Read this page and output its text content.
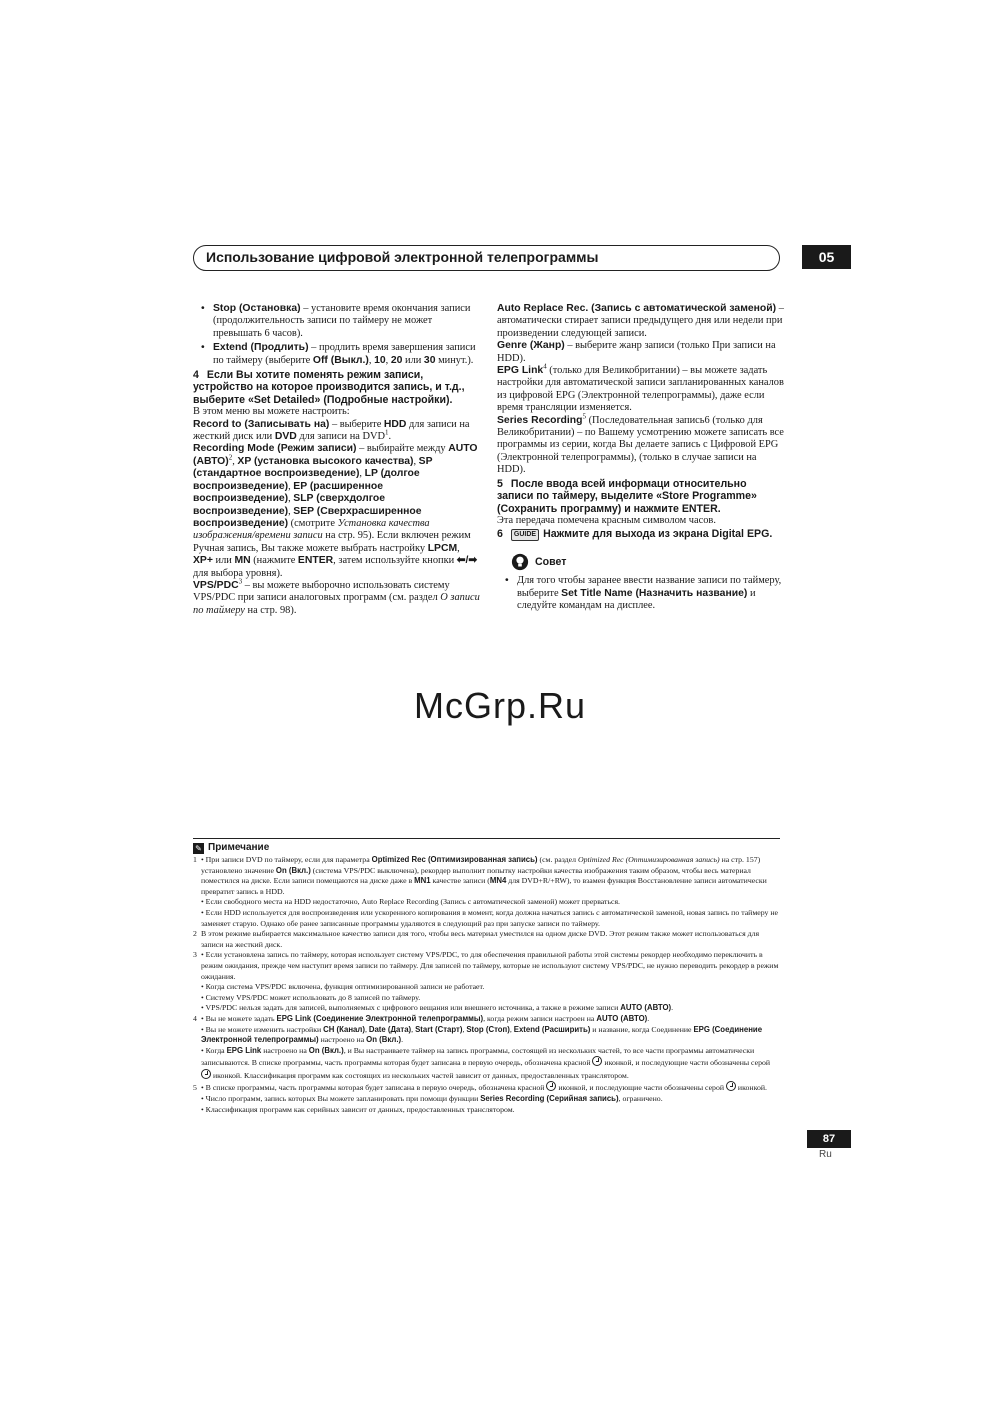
Использование цифровой электронной телепрограммы	05

• Stop (Остановка) – установите время окончания записи (продолжительность записи по таймеру не может превышать 6 часов).

• Extend (Продлить) – продлить время завершения записи по таймеру (выберите Off (Выкл.), 10, 20 или 30 минут.).

4 Если Вы хотите поменять режим записи, устройство на которое производится запись, и т.д., выберите «Set Detailed» (Подробные настройки).

В этом меню вы можете настроить:

Record to (Записывать на) – выберите HDD для записи на жесткий диск или DVD для записи на DVD$^1$.

Recording Mode (Режим записи) – выбирайте между AUTO (АВТО)$^2$, XP (установка высокого качества), SP (стандартное воспроизведение), LP (долгое воспроизведение), EP (расширенное воспроизведение), SLP (сверхдолгое воспроизведение), SEP (Сверхрасширенное воспроизведение) (смотрите Установка качества изображения/времени записи на стр. 95). Если включен режим Ручная запись, Вы также можете выбрать настройку LPCM, XP+ или MN (нажмите ENTER, затем используйте кнопки ⬅/➡ для выбора уровня).

VPS/PDC$^3$ – вы можете выборочно использовать систему VPS/PDC при записи аналоговых программ (см. раздел О записи по таймеру на стр. 98).

Auto Replace Rec. (Запись с автоматической заменой) – автоматически стирает записи предыдущего дня или недели при произведении следующей записи.

Genre (Жанр) – выберите жанр записи (только При записи на HDD).

EPG Link$^4$ (только для Великобритании) – вы можете задать настройки для автоматической записи запланированных каналов из цифровой EPG (Электронной телепрограммы), даже если время трансляции изменяется.

Series Recording$^5$ (Последовательная запись6 (только для Великобритании) – по Вашему усмотрению можете записать все программы из серии, когда Вы делаете запись с Цифровой EPG (Электронной телепрограммы), (только в случае записи на HDD).

5 После ввода всей информаци относительно записи по таймеру, выделите «Store Programme» (Сохранить программу) и нажмите ENTER.

Эта передача помечена красным символом часов.

6 GUIDE Нажмите для выхода из экрана Digital EPG.

Совет

• Для того чтобы заранее ввести название записи по таймеру, выберите Set Title Name (Назначить название) и следуйте командам на дисплее.

McGrp.Ru
✎ Примечание

1 • При записи DVD по таймеру, если для параметра Optimized Rec (Оптимизированная запись) (см. раздел Optimized Rec (Оптимизированная запись) на стр. 157) установлено значение On (Вкл.) (система VPS/PDC выключена), рекордер выполнит попытку настройки качества изображения таким образом, чтобы весь материал поместился на диске. Если записи помещаются на диске даже в MN1 качестве записи (MN4 для DVD+R/+RW), то взамен функция Восстановление записи автоматически превратит запись в HDD.

• Если свободного места на HDD недостаточно, Auto Replace Recording (Запись с автоматической заменой) может прерваться.

• Если HDD используется для воспроизведения или ускоренного копирования в момент, когда должна начаться запись с автоматической заменой, новая запись по таймеру не заменяет старую. Однако обе ранее записанные программы удаляются в следующий раз при запуске записи по таймеру.

2 В этом режиме выбирается максимальное качество записи для того, чтобы весь материал уместился на одном диске DVD. Этот режим также может использоваться для записи на жесткий диск.

3 • Если установлена запись по таймеру, которая использует систему VPS/PDC, то для обеспечения правильной работы этой системы рекордер необходимо переключить в режим ожидания, прежде чем наступит время записи по таймеру. Для записей по таймеру, которые не используют систему VPS/PDC, не нужно переводить рекордер в режим ожидания.

• Когда система VPS/PDC включена, функция оптимизированной записи не работает.

• Систему VPS/PDC может использовать до 8 записей по таймеру.

• VPS/PDC нельзя задать для записей, выполняемых с цифрового вещания или внешнего источника, а также в режиме записи AUTO (АВТО).

4 • Вы не можете задать EPG Link (Соединение Электронной телепрограммы), когда режим записи настроен на AUTO (АВТО).

• Вы не можете изменить настройки CH (Канал), Date (Дата), Start (Старт), Stop (Стоп), Extend (Расширить) и название, когда Соединение EPG (Соединение Электронной телепрограммы) настроено на On (Вкл.).

• Когда EPG Link настроено на On (Вкл.), и Вы настраиваете таймер на запись программы, состоящей из нескольких частей, то все части программы автоматически записываются. В списке программы, часть программы которая будет записана в первую очередь, обозначена красной  иконкой, и последующие части обозначены серой  иконкой. Классификация программ как состоящих из нескольких частей зависит от данных, предоставленных транслятором.

5 • В списке программы, часть программы которая будет записана в первую очередь, обозначена красной  иконкой, и последующие части обозначены серой  иконкой.

• Число программ, запись которых Вы можете запланировать при помощи функции Series Recording (Серийная запись), ограничено.

• Классификация программ как серийных зависит от данных, предоставленных транслятором.

87
Ru
